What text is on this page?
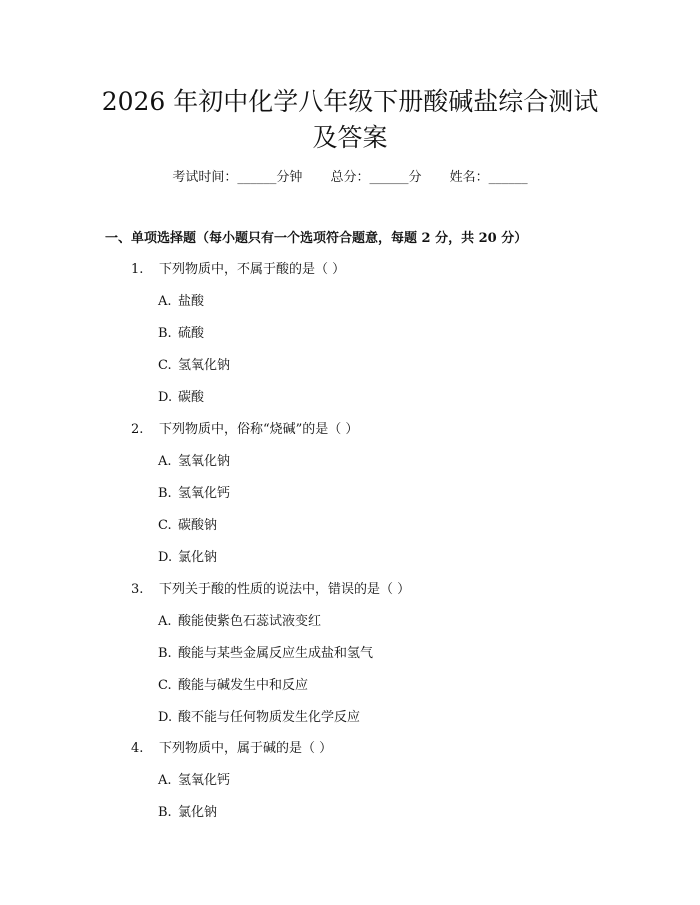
2026 年初中化学八年级下册酸碱盐综合测试
及答案
考试时间：______分钟 总分：______分 姓名：______
一、单项选择题（每小题只有一个选项符合题意，每题 2 分，共 20 分）
1. 下列物质中，不属于酸的是（ ）
A. 盐酸
B. 硫酸
C. 氢氧化钠
D. 碳酸
2. 下列物质中，俗称“烧碱”的是（ ）
A. 氢氧化钠
B. 氢氧化钙
C. 碳酸钠
D. 氯化钠
3. 下列关于酸的性质的说法中，错误的是（ ）
A. 酸能使紫色石蕊试液变红
B. 酸能与某些金属反应生成盐和氢气
C. 酸能与碱发生中和反应
D. 酸不能与任何物质发生化学反应
4. 下列物质中，属于碱的是（ ）
A. 氢氧化钙
B. 氯化钠
